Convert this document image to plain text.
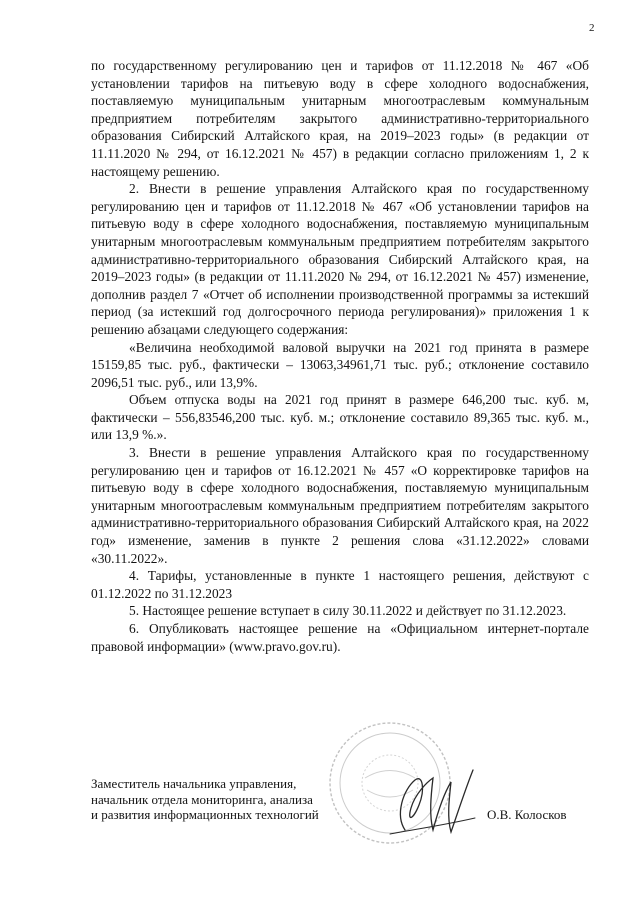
2

по государственному регулированию цен и тарифов от 11.12.2018 № 467 «Об установлении тарифов на питьевую воду в сфере холодного водоснабжения, поставляемую муниципальным унитарным многоотраслевым коммунальным предприятием потребителям закрытого административно-территориального образования Сибирский Алтайского края, на 2019–2023 годы» (в редакции от 11.11.2020 № 294, от 16.12.2021 № 457) в редакции согласно приложениям 1, 2 к настоящему решению.

2. Внести в решение управления Алтайского края по государственному регулированию цен и тарифов от 11.12.2018 № 467 «Об установлении тарифов на питьевую воду в сфере холодного водоснабжения, поставляемую муниципальным унитарным многоотраслевым коммунальным предприятием потребителям закрытого административно-территориального образования Сибирский Алтайского края, на 2019–2023 годы» (в редакции от 11.11.2020 № 294, от 16.12.2021 № 457) изменение, дополнив раздел 7 «Отчет об исполнении производственной программы за истекший период (за истекший год долгосрочного периода регулирования)» приложения 1 к решению абзацами следующего содержания:

«Величина необходимой валовой выручки на 2021 год принята в размере 15159,85 тыс. руб., фактически – 13063,34961,71 тыс. руб.; отклонение составило 2096,51 тыс. руб., или 13,9%.

Объем отпуска воды на 2021 год принят в размере 646,200 тыс. куб. м, фактически – 556,83546,200 тыс. куб. м.; отклонение составило 89,365 тыс. куб. м., или 13,9 %.».

3. Внести в решение управления Алтайского края по государственному регулированию цен и тарифов от 16.12.2021 № 457 «О корректировке тарифов на питьевую воду в сфере холодного водоснабжения, поставляемую муниципальным унитарным многоотраслевым коммунальным предприятием потребителям закрытого административно-территориального образования Сибирский Алтайского края, на 2022 год» изменение, заменив в пункте 2 решения слова «31.12.2022» словами «30.11.2022».

4. Тарифы, установленные в пункте 1 настоящего решения, действуют с 01.12.2022 по 31.12.2023

5. Настоящее решение вступает в силу 30.11.2022 и действует по 31.12.2023.

6. Опубликовать настоящее решение на «Официальном интернет-портале правовой информации» (www.pravo.gov.ru).

Заместитель начальника управления,
начальник отдела мониторинга, анализа
и развития информационных технологий	О.В. Колосков
